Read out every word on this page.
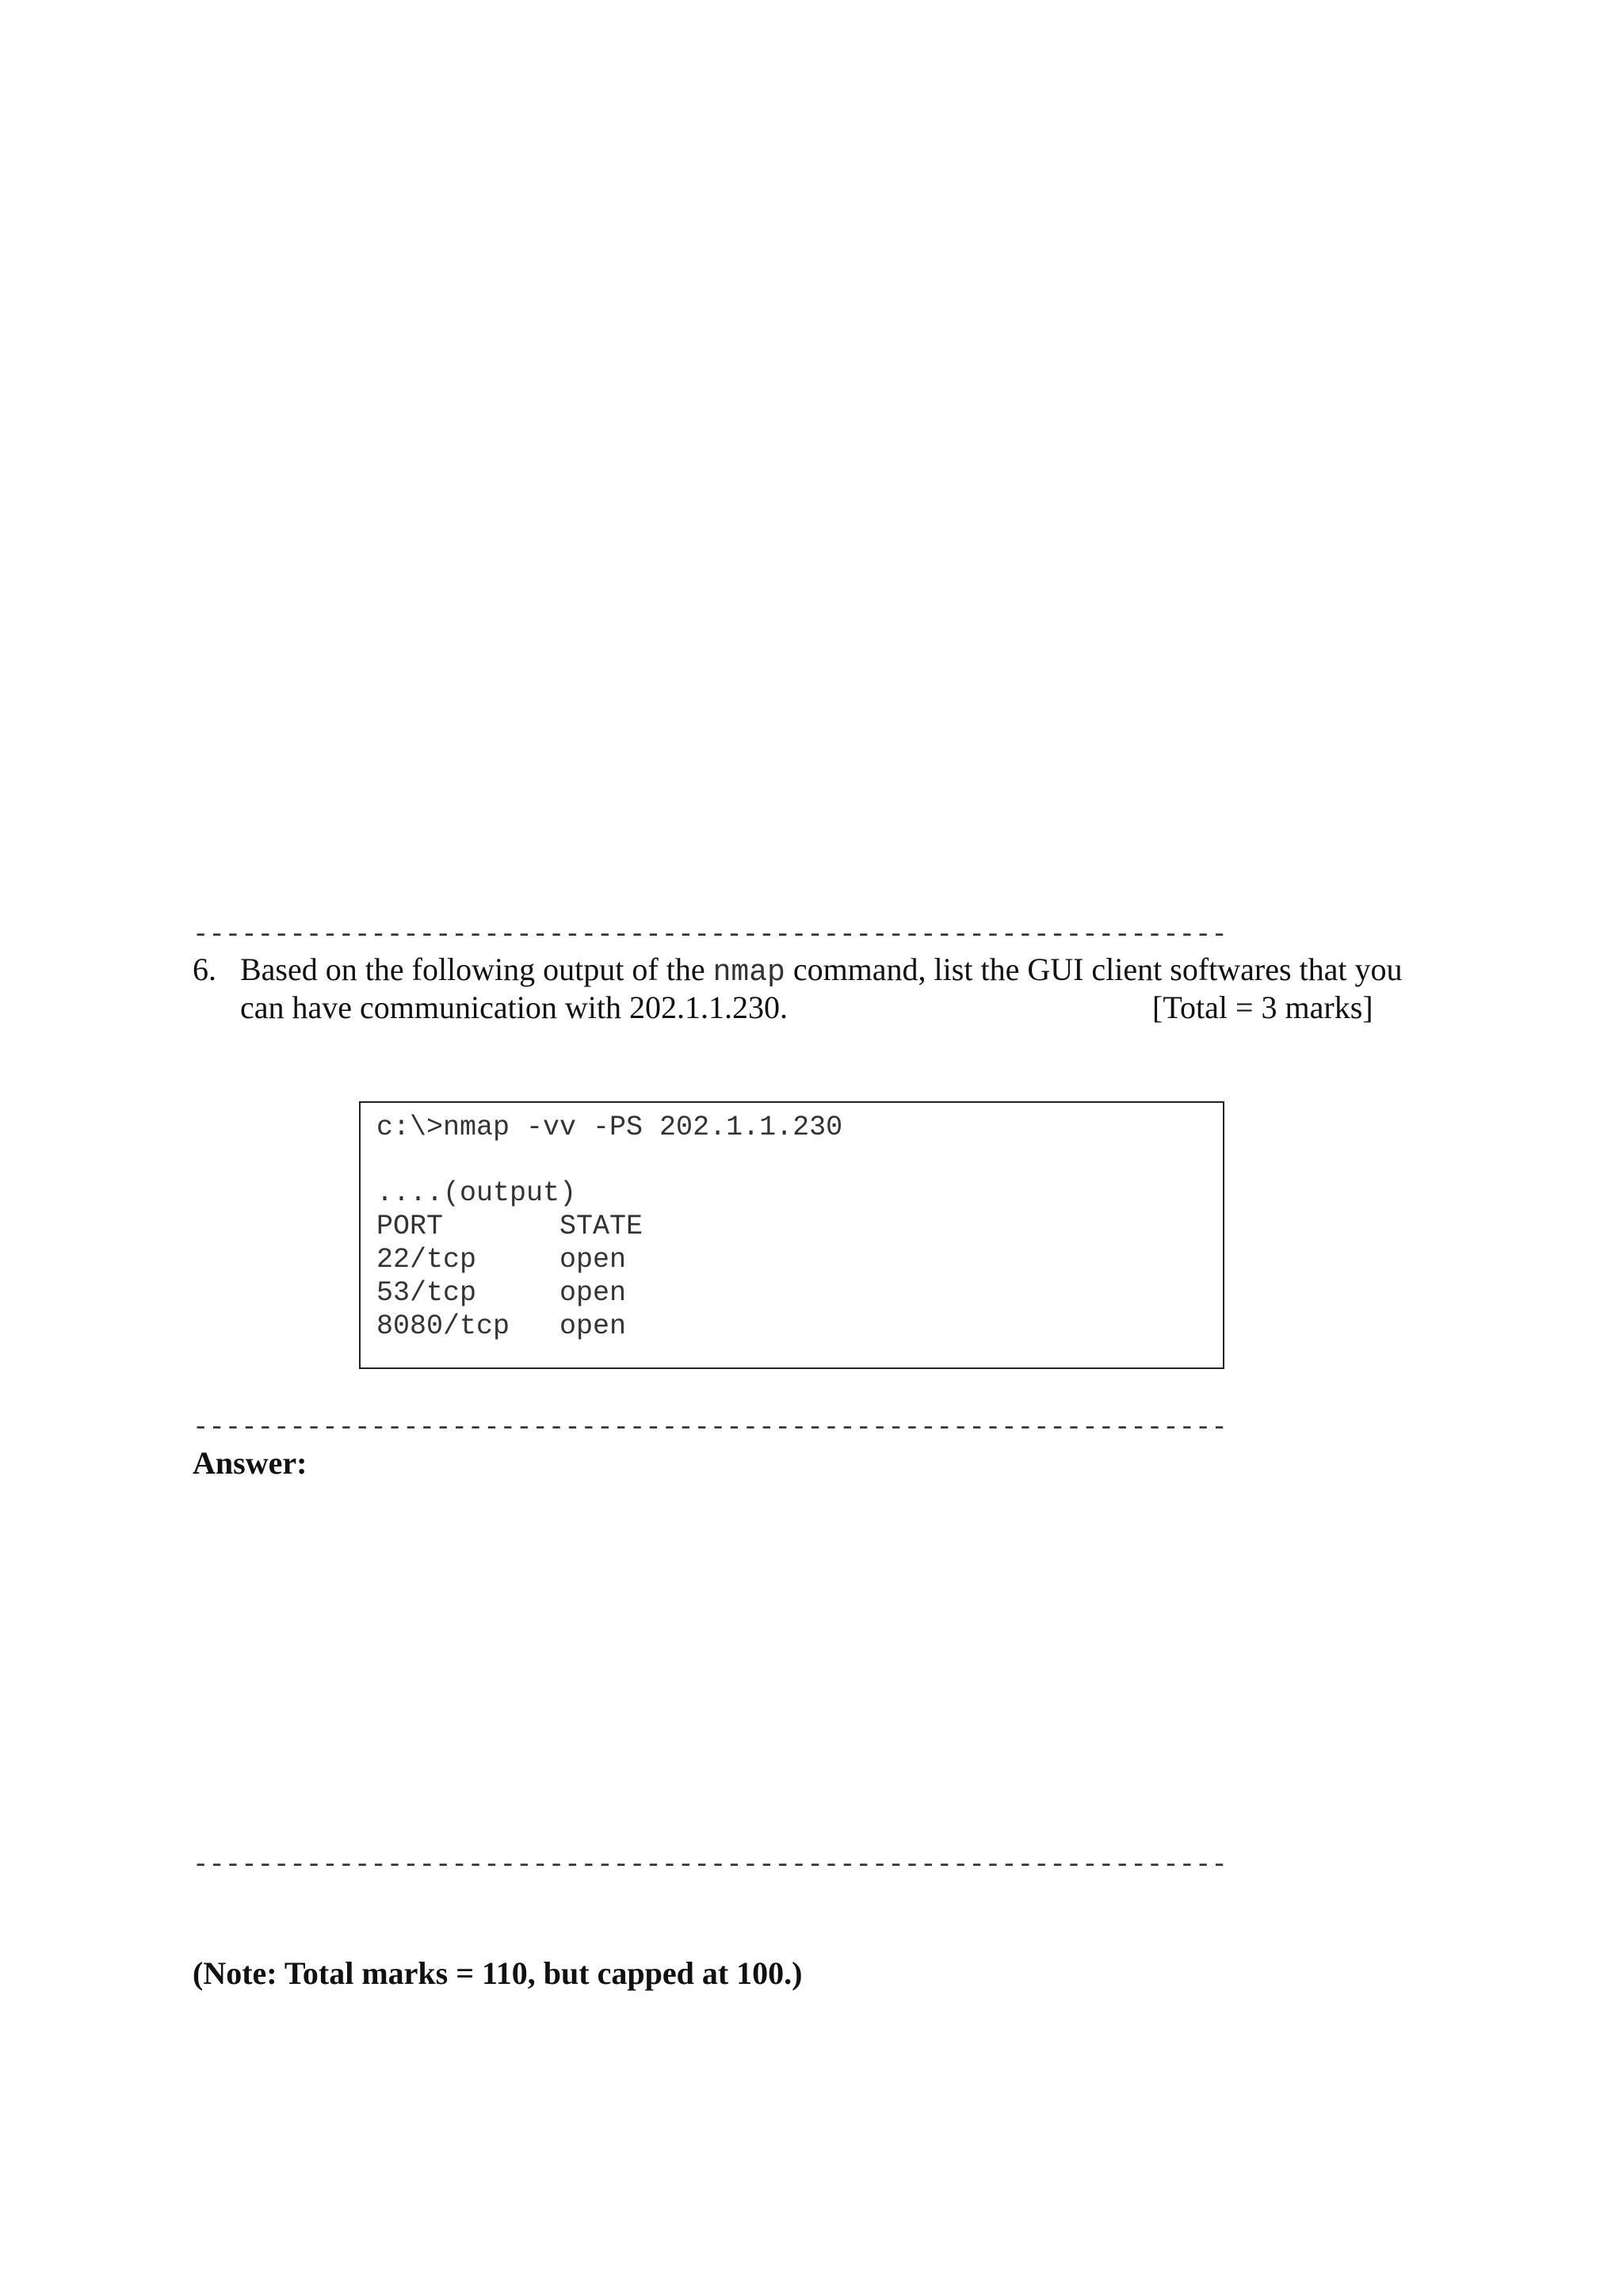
----------------------------------------------------------------
6. Based on the following output of the nmap command, list the GUI client softwares that you
can have communication with 202.1.1.230.	[Total = 3 marks]
c:\>nmap -vv -PS 202.1.1.230
....(output)
PORT       STATE
22/tcp     open
53/tcp     open
8080/tcp   open
----------------------------------------------------------------
Answer:
----------------------------------------------------------------
(Note: Total marks = 110, but capped at 100.)
